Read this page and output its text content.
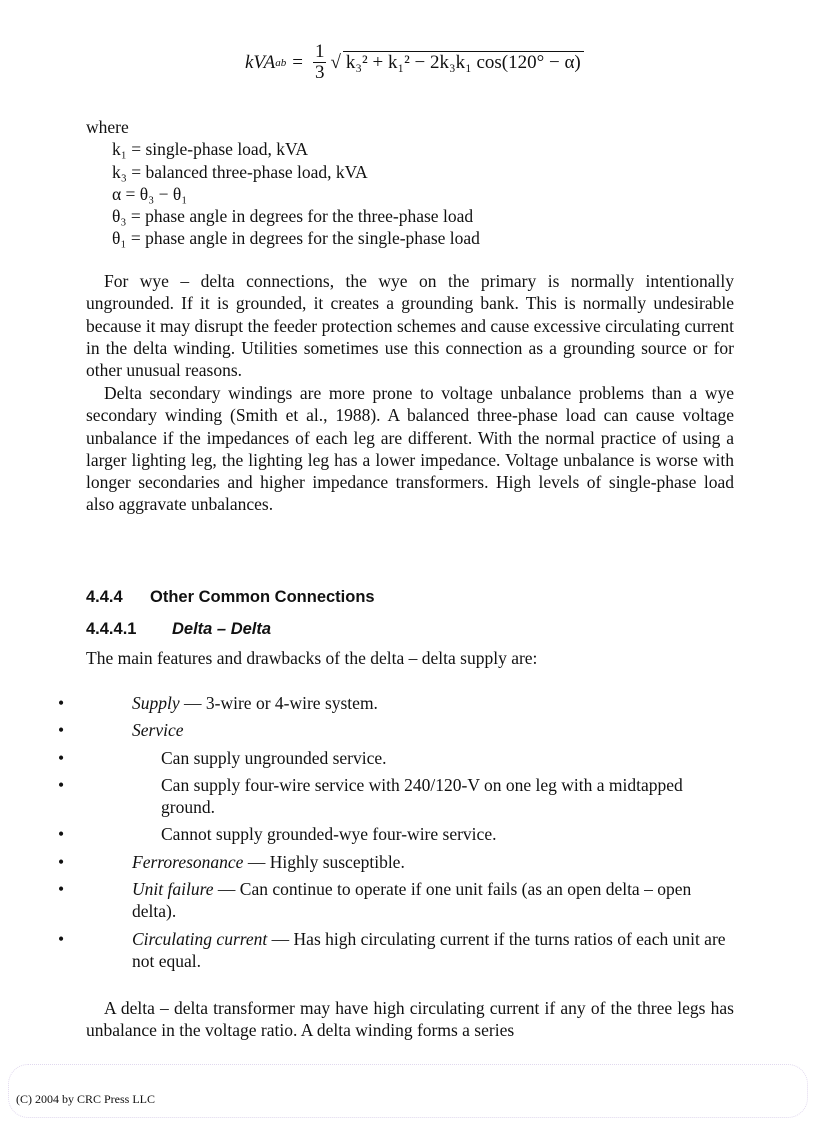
kVA ab = $\frac{1}{3}$ √ k₃² + k₁² − 2k₃k₁ cos(120° − α)
where
k₁ = single-phase load, kVA
k₃ = balanced three-phase load, kVA
α = θ₃ − θ₁
θ₃ = phase angle in degrees for the three-phase load
θ₁ = phase angle in degrees for the single-phase load
For wye – delta connections, the wye on the primary is normally intentionally ungrounded. If it is grounded, it creates a grounding bank. This is normally undesirable because it may disrupt the feeder protection schemes and cause excessive circulating current in the delta winding. Utilities sometimes use this connection as a grounding source or for other unusual reasons.
Delta secondary windings are more prone to voltage unbalance problems than a wye secondary winding (Smith et al., 1988). A balanced three-phase load can cause voltage unbalance if the impedances of each leg are different. With the normal practice of using a larger lighting leg, the lighting leg has a lower impedance. Voltage unbalance is worse with longer secondaries and higher impedance transformers. High levels of single-phase load also aggravate unbalances.
4.4.4 Other Common Connections
4.4.4.1 Delta – Delta
The main features and drawbacks of the delta – delta supply are:
• Supply — 3-wire or 4-wire system.
• Service
• Can supply ungrounded service.
• Can supply four-wire service with 240/120-V on one leg with a midtapped ground.
• Cannot supply grounded-wye four-wire service.
• Ferroresonance — Highly susceptible.
• Unit failure — Can continue to operate if one unit fails (as an open delta – open delta).
• Circulating current — Has high circulating current if the turns ratios of each unit are not equal.
A delta – delta transformer may have high circulating current if any of the three legs has unbalance in the voltage ratio. A delta winding forms a series
(C) 2004 by CRC Press LLC
